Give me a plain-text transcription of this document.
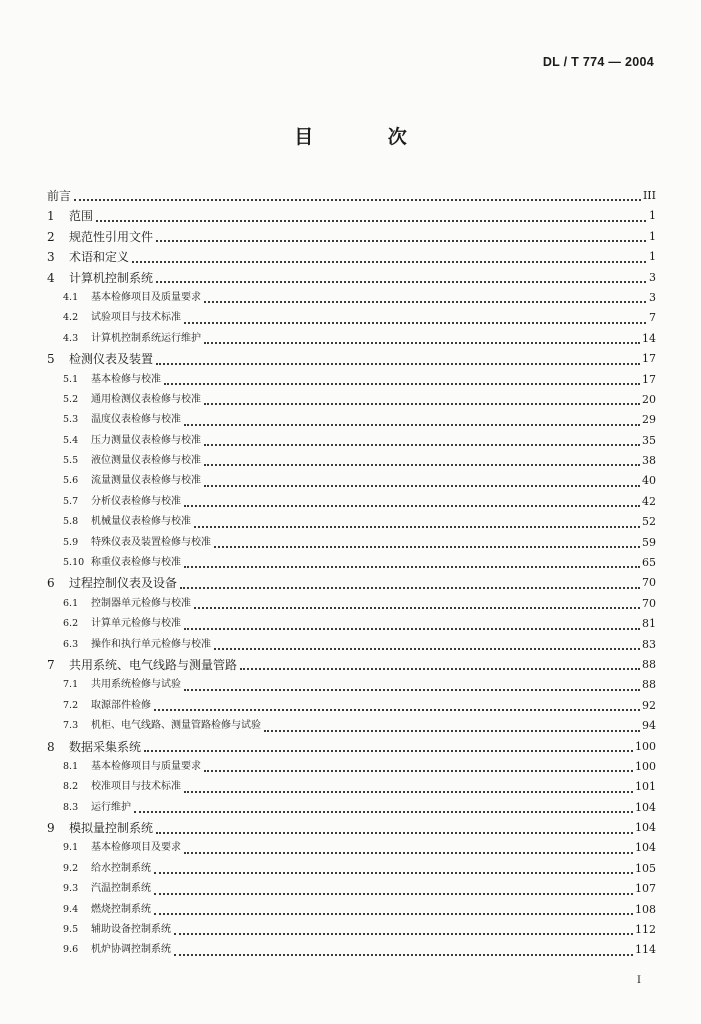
DL / T 774 — 2004
目 次
前言	III
1	范围	1
2	规范性引用文件	1
3	术语和定义	1
4	计算机控制系统	3
4.1	基本检修项目及质量要求	3
4.2	试验项目与技术标准	7
4.3	计算机控制系统运行维护	14
5	检测仪表及装置	17
5.1	基本检修与校准	17
5.2	通用检测仪表检修与校准	20
5.3	温度仪表检修与校准	29
5.4	压力测量仪表检修与校准	35
5.5	液位测量仪表检修与校准	38
5.6	流量测量仪表检修与校准	40
5.7	分析仪表检修与校准	42
5.8	机械量仪表检修与校准	52
5.9	特殊仪表及装置检修与校准	59
5.10 称重仪表检修与校准	65
6	过程控制仪表及设备	70
6.1	控制器单元检修与校准	70
6.2	计算单元检修与校准	81
6.3	操作和执行单元检修与校准	83
7	共用系统、电气线路与测量管路	88
7.1	共用系统检修与试验	88
7.2	取源部件检修	92
7.3	机柜、电气线路、测量管路检修与试验	94
8	数据采集系统	100
8.1	基本检修项目与质量要求	100
8.2	校准项目与技术标准	101
8.3	运行维护	104
9	模拟量控制系统	104
9.1	基本检修项目及要求	104
9.2	给水控制系统	105
9.3	汽温控制系统	107
9.4	燃烧控制系统	108
9.5	辅助设备控制系统	112
9.6	机炉协调控制系统	114
I
